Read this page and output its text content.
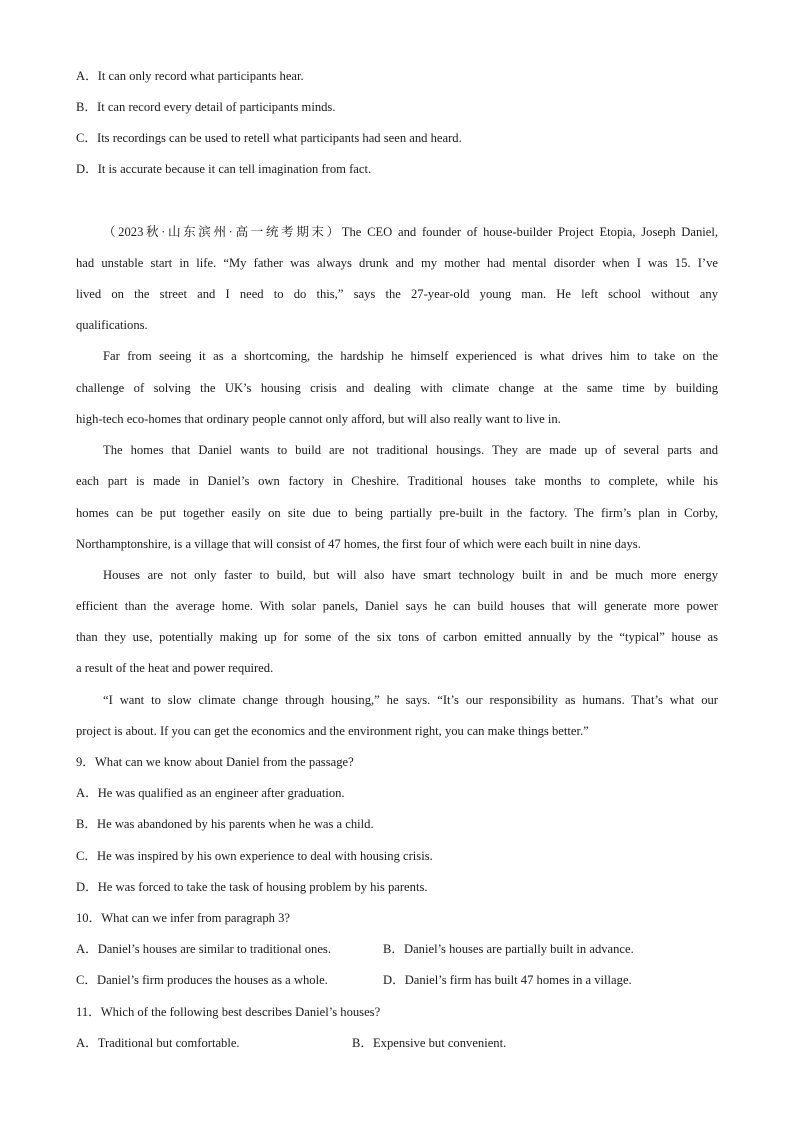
A．It can only record what participants hear.
B．It can record every detail of participants minds.
C．Its recordings can be used to retell what participants had seen and heard.
D．It is accurate because it can tell imagination from fact.
（2023秋·山东滨州·高一统考期末）The CEO and founder of house-builder Project Etopia, Joseph Daniel,
had unstable start in life. “My father was always drunk and my mother had mental disorder when I was 15. I’ve
lived on the street and I need to do this,” says the 27-year-old young man. He left school without any
qualifications.
Far from seeing it as a shortcoming, the hardship he himself experienced is what drives him to take on the
challenge of solving the UK’s housing crisis and dealing with climate change at the same time by building
high-tech eco-homes that ordinary people cannot only afford, but will also really want to live in.
The homes that Daniel wants to build are not traditional housings. They are made up of several parts and
each part is made in Daniel’s own factory in Cheshire. Traditional houses take months to complete, while his
homes can be put together easily on site due to being partially pre-built in the factory. The firm’s plan in Corby,
Northamptonshire, is a village that will consist of 47 homes, the first four of which were each built in nine days.
Houses are not only faster to build, but will also have smart technology built in and be much more energy
efficient than the average home. With solar panels, Daniel says he can build houses that will generate more power
than they use, potentially making up for some of the six tons of carbon emitted annually by the “typical” house as
a result of the heat and power required.
“I want to slow climate change through housing,” he says. “It’s our responsibility as humans. That’s what our
project is about. If you can get the economics and the environment right, you can make things better.”
9．What can we know about Daniel from the passage?
A．He was qualified as an engineer after graduation.
B．He was abandoned by his parents when he was a child.
C．He was inspired by his own experience to deal with housing crisis.
D．He was forced to take the task of housing problem by his parents.
10．What can we infer from paragraph 3?
A．Daniel’s houses are similar to traditional ones.	B．Daniel’s houses are partially built in advance.
C．Daniel’s firm produces the houses as a whole.	D．Daniel’s firm has built 47 homes in a village.
11．Which of the following best describes Daniel’s houses?
A．Traditional but comfortable.	B．Expensive but convenient.
